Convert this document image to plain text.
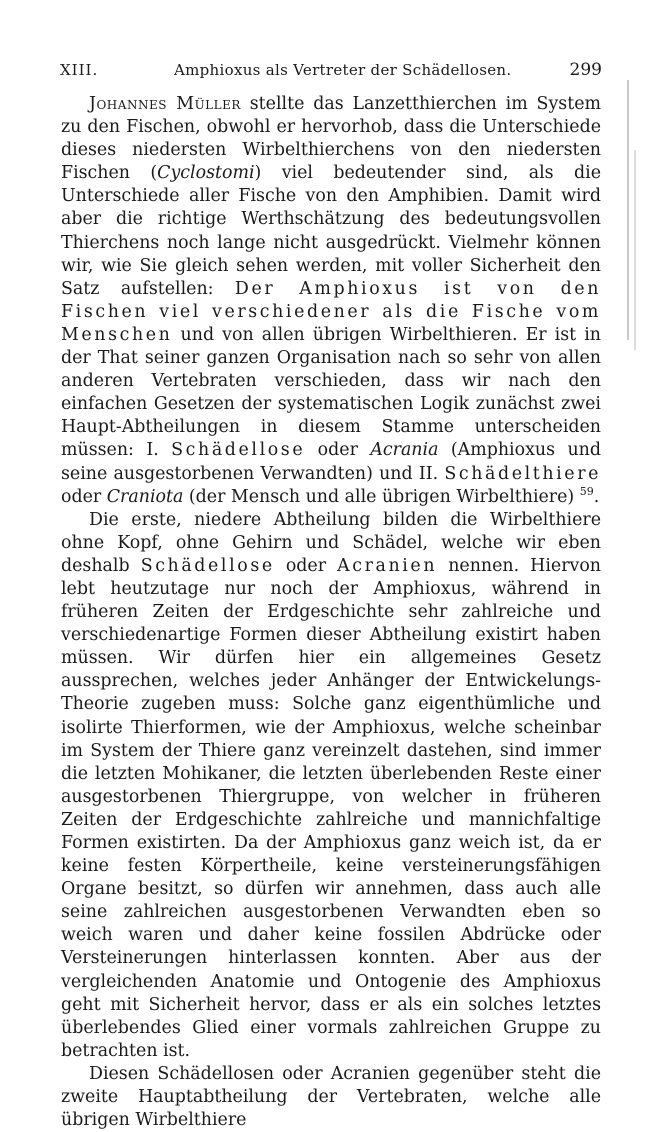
XIII.	Amphioxus als Vertreter der Schädellosen.	299

Johannes Müller stellte das Lanzetthierchen im System zu den Fischen, obwohl er hervorhob, dass die Unterschiede dieses niedersten Wirbelthierchens von den niedersten Fischen (Cyclostomi) viel bedeutender sind, als die Unterschiede aller Fische von den Amphibien. Damit wird aber die richtige Werthschätzung des bedeutungsvollen Thierchens noch lange nicht ausgedrückt. Vielmehr können wir, wie Sie gleich sehen werden, mit voller Sicherheit den Satz aufstellen: Der Amphioxus ist von den Fischen viel verschiedener als die Fische vom Menschen und von allen übrigen Wirbelthieren. Er ist in der That seiner ganzen Organisation nach so sehr von allen anderen Vertebraten verschieden, dass wir nach den einfachen Gesetzen der systematischen Logik zunächst zwei Haupt-Abtheilungen in diesem Stamme unterscheiden müssen: I. Schädellose oder Acrania (Amphioxus und seine ausgestorbenen Verwandten) und II. Schädelthiere oder Craniota (der Mensch und alle übrigen Wirbelthiere) $^{59}$.

Die erste, niedere Abtheilung bilden die Wirbelthiere ohne Kopf, ohne Gehirn und Schädel, welche wir eben deshalb Schädellose oder Acranien nennen. Hiervon lebt heutzutage nur noch der Amphioxus, während in früheren Zeiten der Erdgeschichte sehr zahlreiche und verschiedenartige Formen dieser Abtheilung existirt haben müssen. Wir dürfen hier ein allgemeines Gesetz aussprechen, welches jeder Anhänger der Entwickelungs-Theorie zugeben muss: Solche ganz eigenthümliche und isolirte Thierformen, wie der Amphioxus, welche scheinbar im System der Thiere ganz vereinzelt dastehen, sind immer die letzten Mohikaner, die letzten überlebenden Reste einer ausgestorbenen Thiergruppe, von welcher in früheren Zeiten der Erdgeschichte zahlreiche und mannichfaltige Formen existirten. Da der Amphioxus ganz weich ist, da er keine festen Körpertheile, keine versteinerungsfähigen Organe besitzt, so dürfen wir annehmen, dass auch alle seine zahlreichen ausgestorbenen Verwandten eben so weich waren und daher keine fossilen Abdrücke oder Versteinerungen hinterlassen konnten. Aber aus der vergleichenden Anatomie und Ontogenie des Amphioxus geht mit Sicherheit hervor, dass er als ein solches letztes überlebendes Glied einer vormals zahlreichen Gruppe zu betrachten ist.

Diesen Schädellosen oder Acranien gegenüber steht die zweite Hauptabtheilung der Vertebraten, welche alle übrigen Wirbelthiere
